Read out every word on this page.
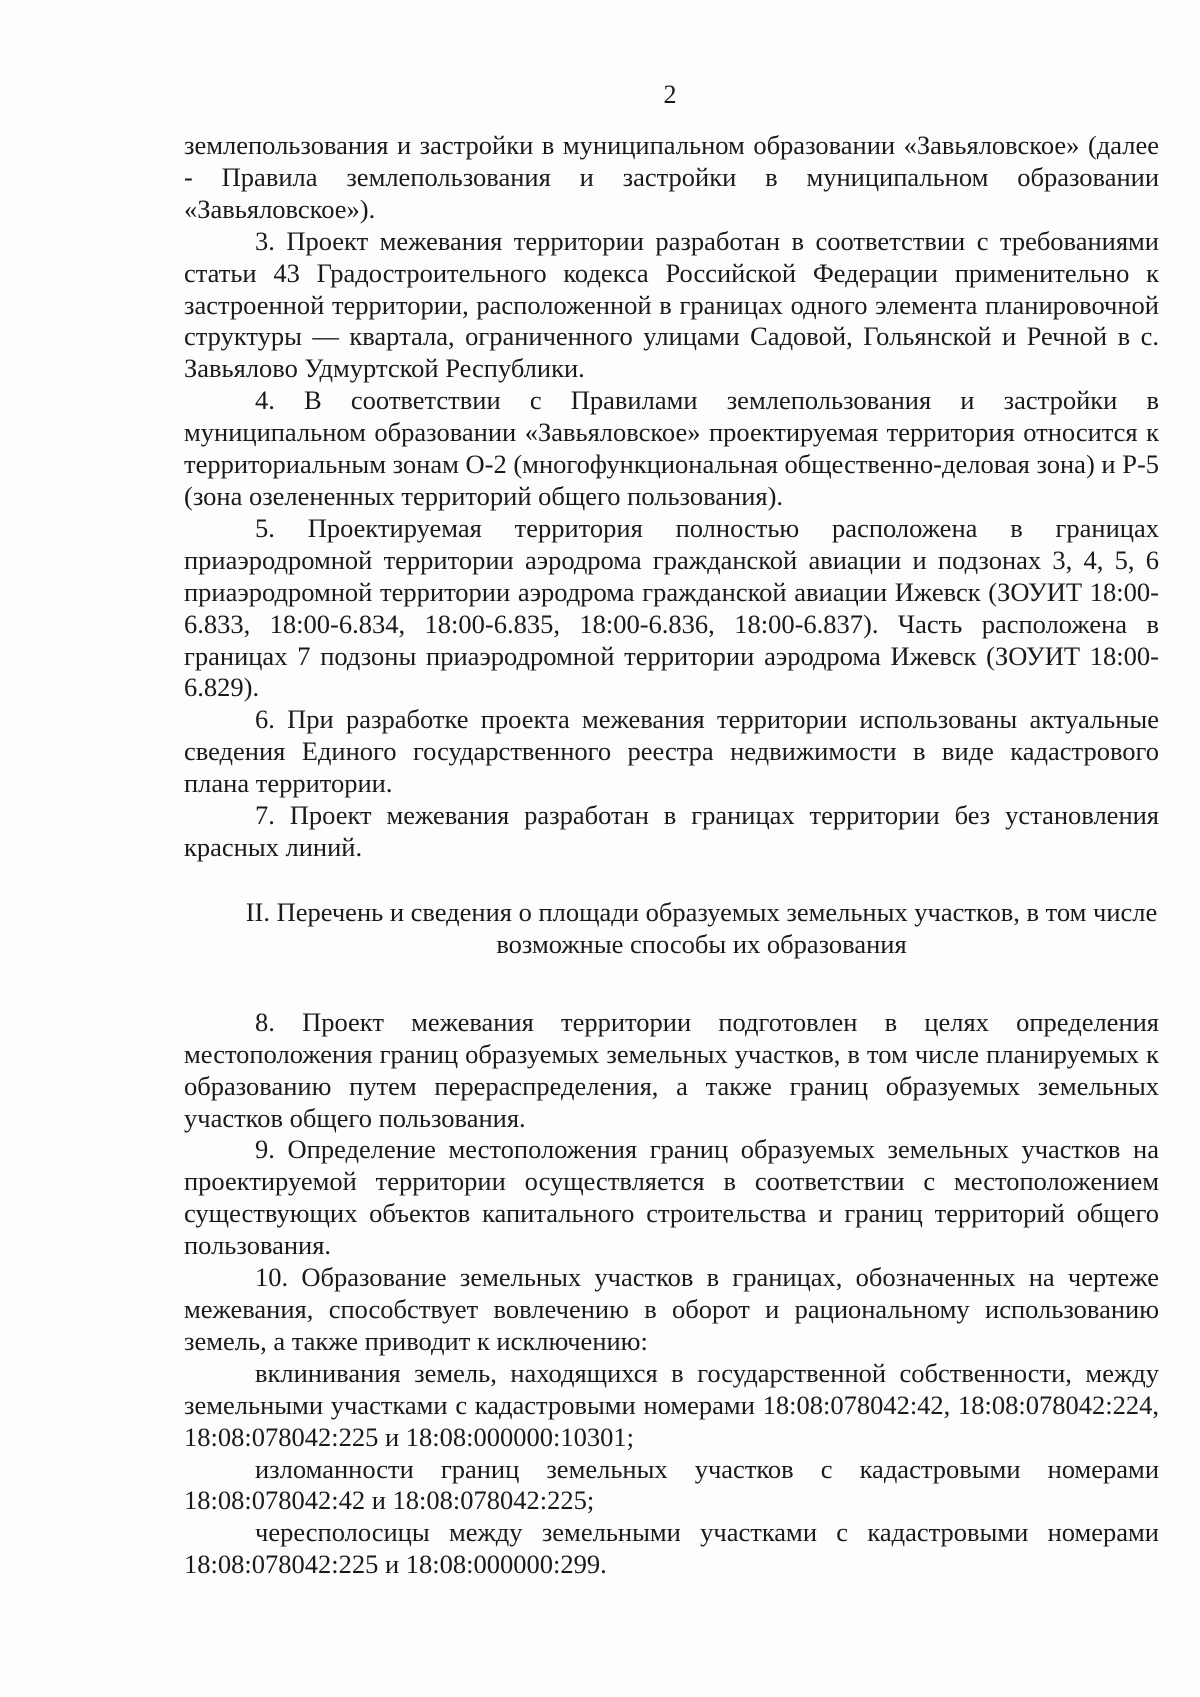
2

землепользования и застройки в муниципальном образовании «Завьяловское» (далее - Правила землепользования и застройки в муниципальном образовании «Завьяловское»).

3. Проект межевания территории разработан в соответствии с требованиями статьи 43 Градостроительного кодекса Российской Федерации применительно к застроенной территории, расположенной в границах одного элемента планировочной структуры — квартала, ограниченного улицами Садовой, Гольянской и Речной в с. Завьялово Удмуртской Республики.

4. В соответствии с Правилами землепользования и застройки в муниципальном образовании «Завьяловское» проектируемая территория относится к территориальным зонам О-2 (многофункциональная общественно-деловая зона) и Р-5 (зона озелененных территорий общего пользования).

5. Проектируемая территория полностью расположена в границах приаэродромной территории аэродрома гражданской авиации и подзонах 3, 4, 5, 6 приаэродромной территории аэродрома гражданской авиации Ижевск (ЗОУИТ 18:00-6.833, 18:00-6.834, 18:00-6.835, 18:00-6.836, 18:00-6.837). Часть расположена в границах 7 подзоны приаэродромной территории аэродрома Ижевск (ЗОУИТ 18:00-6.829).

6. При разработке проекта межевания территории использованы актуальные сведения Единого государственного реестра недвижимости в виде кадастрового плана территории.

7. Проект межевания разработан в границах территории без установления красных линий.

II. Перечень и сведения о площади образуемых земельных участков, в том числе возможные способы их образования

8. Проект межевания территории подготовлен в целях определения местоположения границ образуемых земельных участков, в том числе планируемых к образованию путем перераспределения, а также границ образуемых земельных участков общего пользования.

9. Определение местоположения границ образуемых земельных участков на проектируемой территории осуществляется в соответствии с местоположением существующих объектов капитального строительства и границ территорий общего пользования.

10. Образование земельных участков в границах, обозначенных на чертеже межевания, способствует вовлечению в оборот и рациональному использованию земель, а также приводит к исключению:

вклинивания земель, находящихся в государственной собственности, между земельными участками с кадастровыми номерами 18:08:078042:42, 18:08:078042:224, 18:08:078042:225 и 18:08:000000:10301;

изломанности границ земельных участков с кадастровыми номерами 18:08:078042:42 и 18:08:078042:225;

чересполосицы между земельными участками с кадастровыми номерами 18:08:078042:225 и 18:08:000000:299.
